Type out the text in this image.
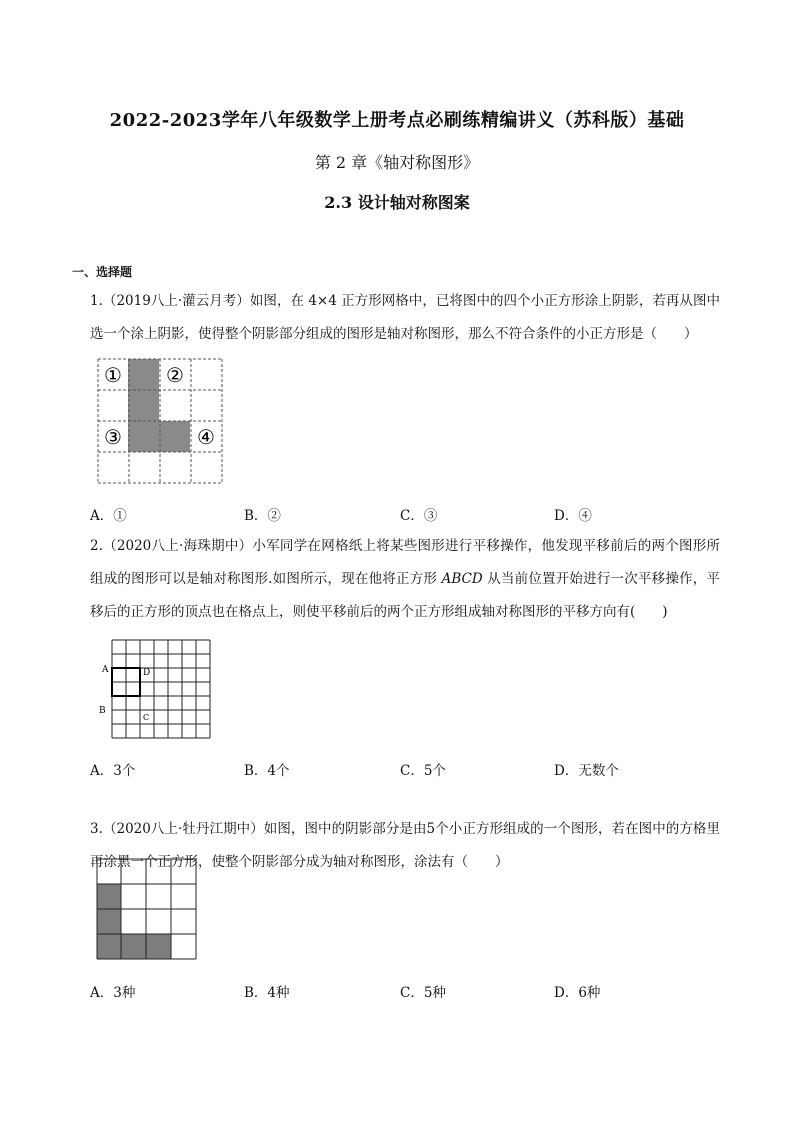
2022-2023学年八年级数学上册考点必刷练精编讲义（苏科版）基础
第 2 章《轴对称图形》
2.3 设计轴对称图案
一、选择题
1.（2019八上·灌云月考）如图，在 4×4 正方形网格中，已将图中的四个小正方形涂上阴影，若再从图中选一个涂上阴影，使得整个阴影部分组成的图形是轴对称图形，那么不符合条件的小正方形是（　　）
① ②
③	④
A．①	B．②	C．③	D．④
2.（2020八上·海珠期中）小军同学在网格纸上将某些图形进行平移操作，他发现平移前后的两个图形所组成的图形可以是轴对称图形.如图所示，现在他将正方形 ABCD 从当前位置开始进行一次平移操作，平移后的正方形的顶点也在格点上，则使平移前后的两个正方形组成轴对称图形的平移方向有(　　)
A
B
C
D
A．3个	B．4个	C．5个	D．无数个
3.（2020八上·牡丹江期中）如图，图中的阴影部分是由5个小正方形组成的一个图形，若在图中的方格里再涂黑一个正方形，使整个阴影部分成为轴对称图形，涂法有（　　）
A．3种	B．4种	C．5种	D．6种
